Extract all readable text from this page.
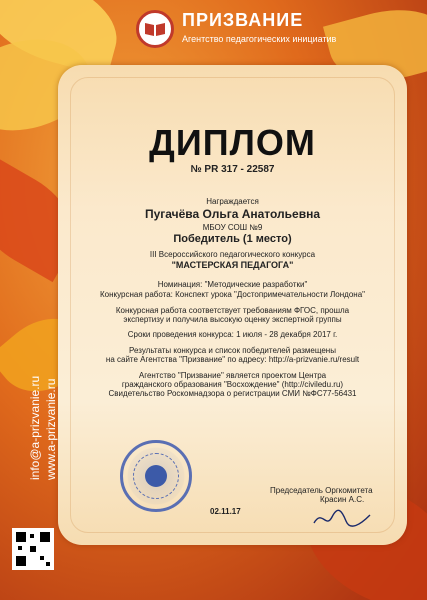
ПРИЗВАНИЕ
Агентство педагогических инициатив
ДИПЛОМ
№ PR 317 - 22587
Награждается
Пугачёва Ольга Анатольевна
МБОУ СОШ №9
Победитель (1 место)
III Всероссийского педагогического конкурса
"МАСТЕРСКАЯ ПЕДАГОГА"
Номинация: "Методические разработки"
Конкурсная работа: Конспект урока "Достопримечательности Лондона"
Конкурсная работа соответствует требованиям ФГОС, прошла
экспертизу и получила высокую оценку экспертной группы
Сроки проведения конкурса: 1 июля - 28 декабря 2017 г.
Результаты конкурса и список победителей размещены
на сайте Агентства "Призвание" по адресу: http://a-prizvanie.ru/result
Агентство "Призвание" является проектом Центра
гражданского образования "Восхождение" (http://civiledu.ru)
Свидетельство Роскомнадзора о регистрации СМИ №ФС77-56431
Председатель Оргкомитета
Красин А.С.
02.11.17
info@a-prizvanie.ru www.a-prizvanie.ru
